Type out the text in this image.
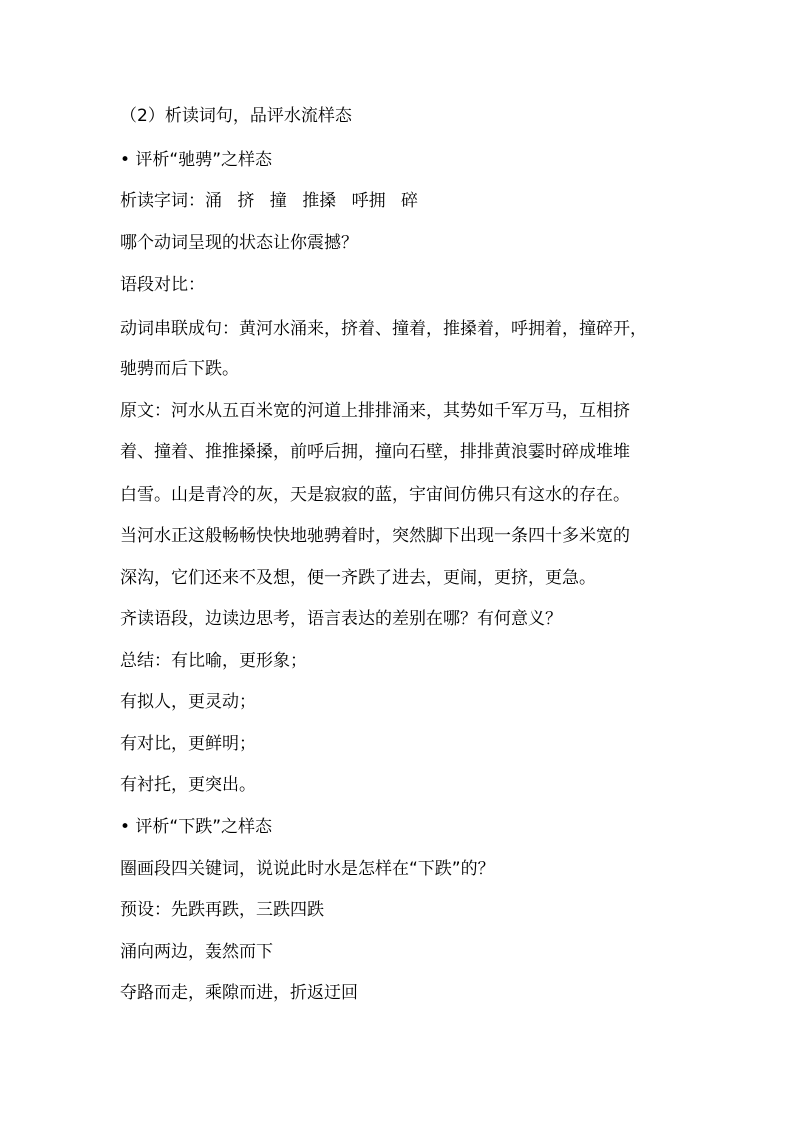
（2）析读词句，品评水流样态
• 评析“驰骋”之样态
析读字词：涌 挤 撞 推搡 呼拥 碎
哪个动词呈现的状态让你震撼？
语段对比：
动词串联成句：黄河水涌来，挤着、撞着，推搡着，呼拥着，撞碎开，
驰骋而后下跌。
原文：河水从五百米宽的河道上排排涌来，其势如千军万马，互相挤
着、撞着、推推搡搡，前呼后拥，撞向石壁，排排黄浪霎时碎成堆堆
白雪。山是青冷的灰，天是寂寂的蓝，宇宙间仿佛只有这水的存在。
当河水正这般畅畅快快地驰骋着时，突然脚下出现一条四十多米宽的
深沟，它们还来不及想，便一齐跌了进去，更闹，更挤，更急。
齐读语段，边读边思考，语言表达的差别在哪？有何意义？
总结：有比喻，更形象；
有拟人，更灵动；
有对比，更鲜明；
有衬托，更突出。
• 评析“下跌”之样态
圈画段四关键词，说说此时水是怎样在“下跌”的？
预设：先跌再跌，三跌四跌
涌向两边，轰然而下
夺路而走，乘隙而进，折返迂回
